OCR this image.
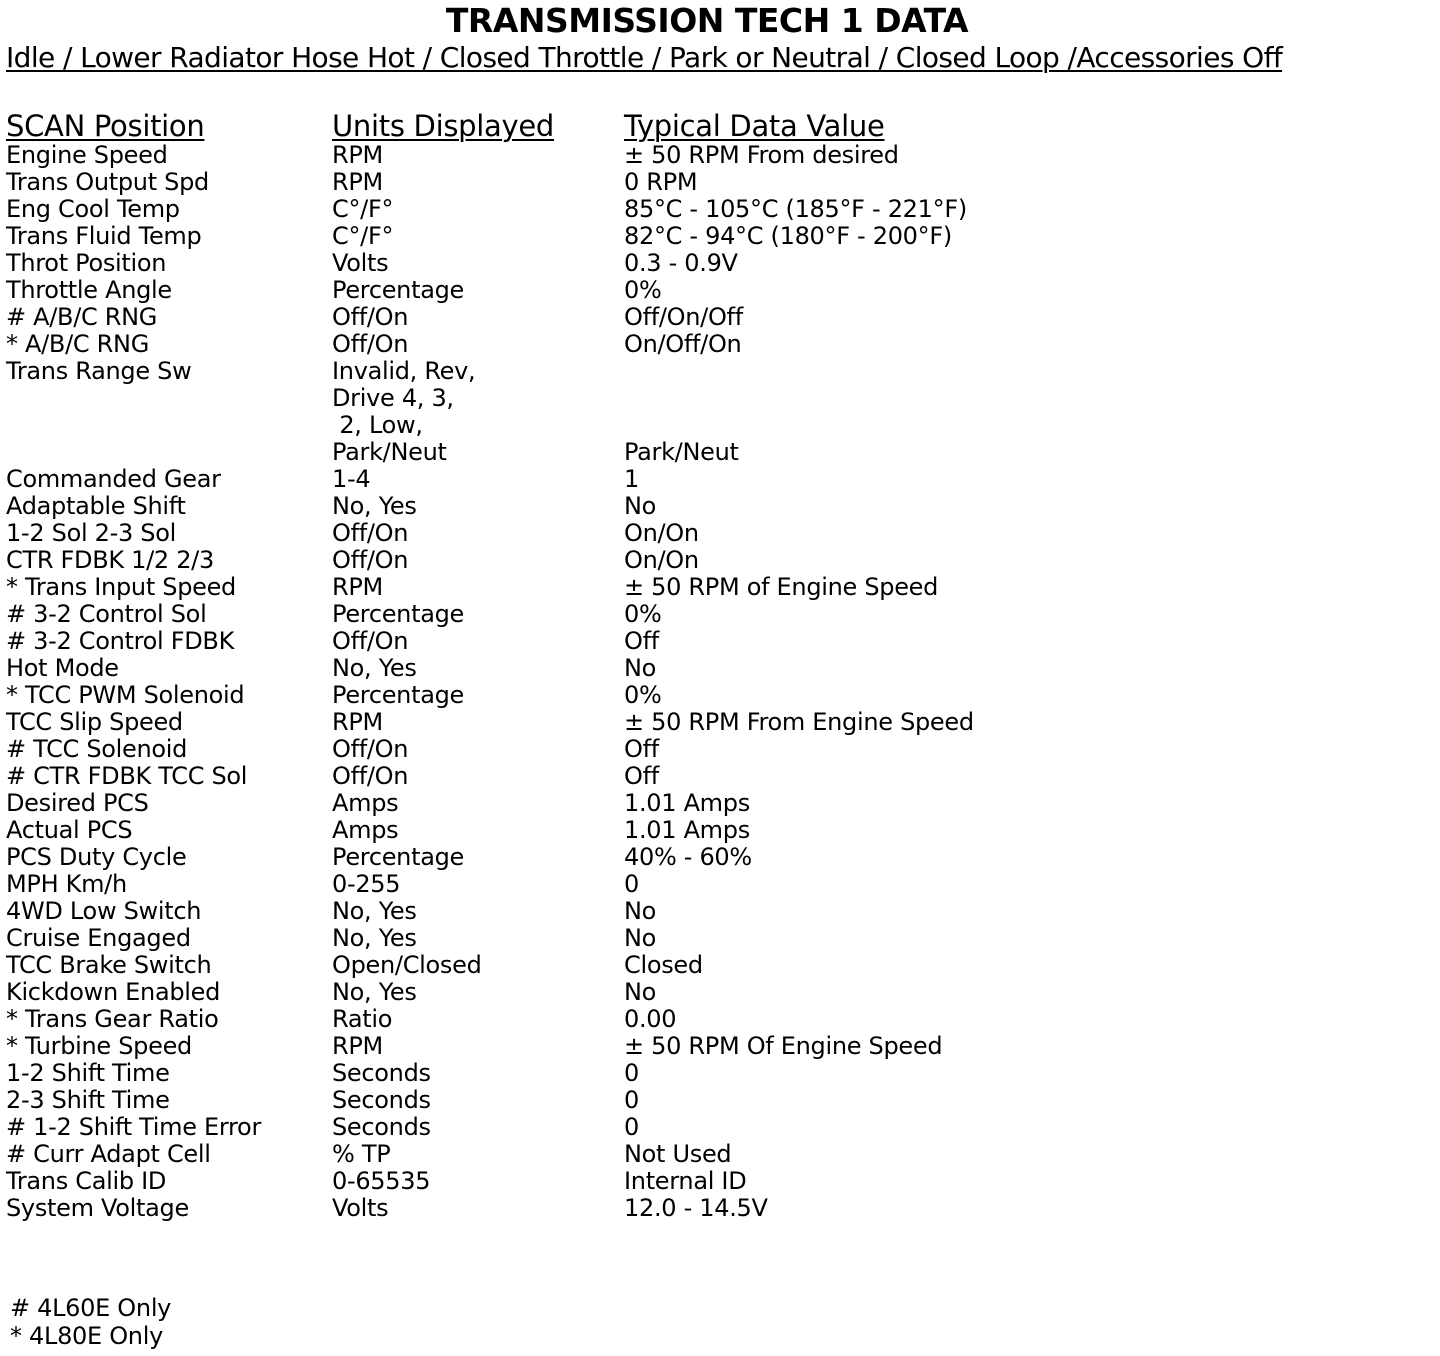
TRANSMISSION TECH 1 DATA
Idle / Lower Radiator Hose Hot / Closed Throttle / Park or Neutral / Closed Loop /Accessories Off
SCAN Position	Units Displayed Typical Data Value
Engine Speed
Trans Output Spd
Eng Cool Temp
Trans Fluid Temp
Throt Position
Throttle Angle
# A/B/C RNG
* A/B/C RNG
Trans Range Sw
Commanded Gear
Adaptable Shift
1-2 Sol 2-3 Sol
CTR FDBK 1/2 2/3
* Trans Input Speed
# 3-2 Control Sol
# 3-2 Control FDBK
Hot Mode
* TCC PWM Solenoid
TCC Slip Speed
# TCC Solenoid
# CTR FDBK TCC Sol
Desired PCS
Actual PCS
PCS Duty Cycle
MPH Km/h
4WD Low Switch
Cruise Engaged
TCC Brake Switch
Kickdown Enabled
* Trans Gear Ratio
* Turbine Speed
1-2 Shift Time
2-3 Shift Time
# 1-2 Shift Time Error
# Curr Adapt Cell
Trans Calib ID
System Voltage
RPM
RPM
C°/F°
C°/F°
Volts
Percentage
Off/On
Off/On
Invalid, Rev,
Drive 4, 3,
2, Low,
Park/Neut
1-4
No, Yes
Off/On
Off/On
RPM
Percentage
Off/On
No, Yes
Percentage
RPM
Off/On
Off/On
Amps
Amps
Percentage
0-255
No, Yes
No, Yes
Open/Closed
No, Yes
Ratio
RPM
Seconds
Seconds
Seconds
% TP
0-65535
Volts
± 50 RPM From desired
0 RPM
85°C - 105°C (185°F - 221°F)
82°C - 94°C (180°F - 200°F)
0.3 - 0.9V
0%
Off/On/Off
On/Off/On
Park/Neut
1
No
On/On
On/On
± 50 RPM of Engine Speed
0%
Off
No
0%
± 50 RPM From Engine Speed
Off
Off
1.01 Amps
1.01 Amps
40% - 60%
0
No
No
Closed
No
0.00
± 50 RPM Of Engine Speed
0
0
0
Not Used
Internal ID
12.0 - 14.5V
# 4L60E Only
* 4L80E Only
